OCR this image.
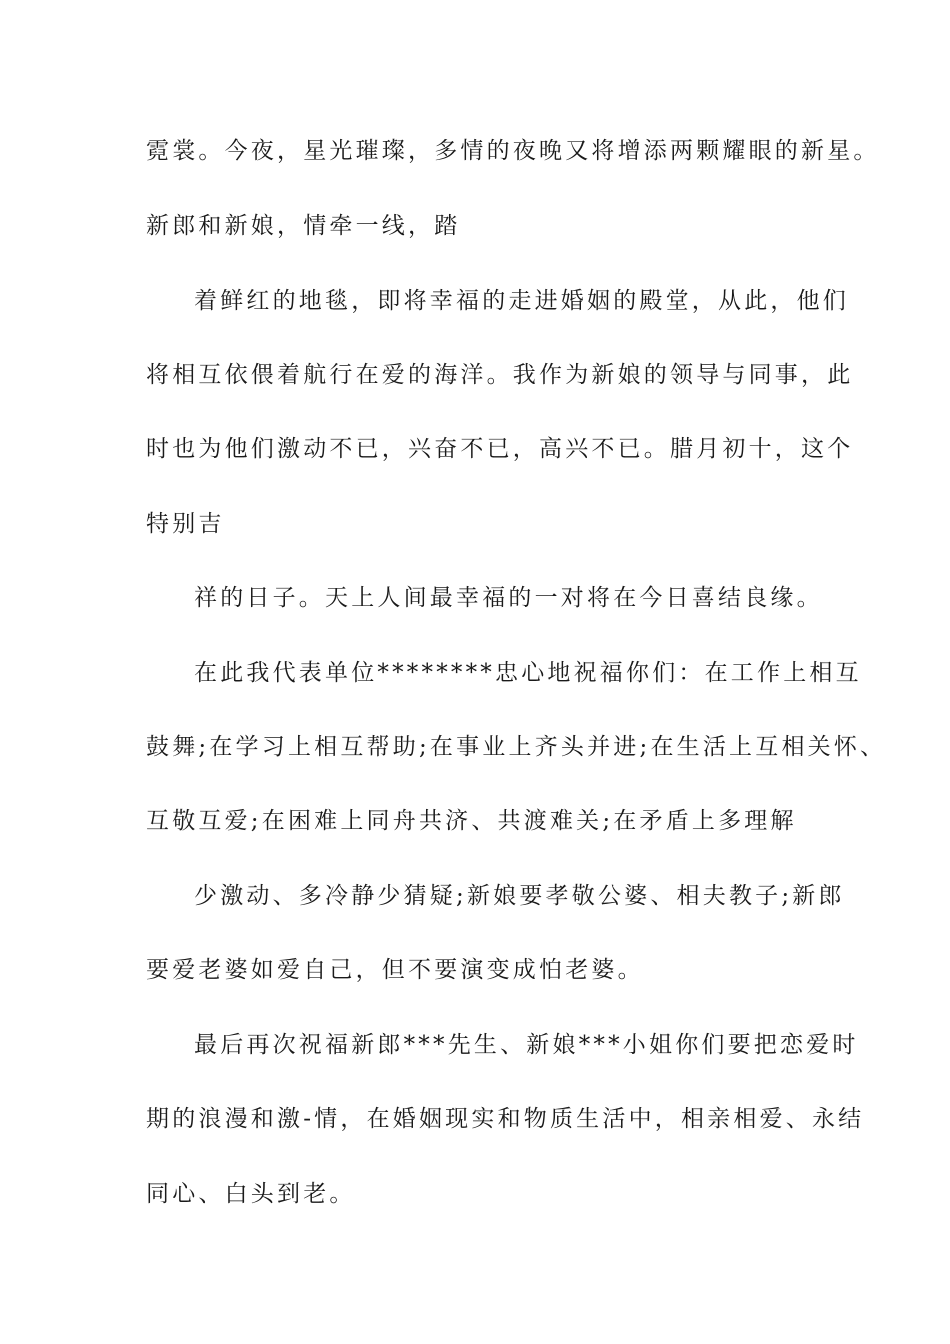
霓裳。今夜，星光璀璨，多情的夜晚又将增添两颗耀眼的新星。
新郎和新娘，情牵一线，踏
着鲜红的地毯，即将幸福的走进婚姻的殿堂，从此，他们
将相互依偎着航行在爱的海洋。我作为新娘的领导与同事，此
时也为他们激动不已，兴奋不已，高兴不已。腊月初十，这个
特别吉
祥的日子。天上人间最幸福的一对将在今日喜结良缘。
在此我代表单位********忠心地祝福你们：在工作上相互
鼓舞;在学习上相互帮助;在事业上齐头并进;在生活上互相关怀、
互敬互爱;在困难上同舟共济、共渡难关;在矛盾上多理解
少激动、多冷静少猜疑;新娘要孝敬公婆、相夫教子;新郎
要爱老婆如爱自己，但不要演变成怕老婆。
最后再次祝福新郎***先生、新娘***小姐你们要把恋爱时
期的浪漫和激-情，在婚姻现实和物质生活中，相亲相爱、永结
同心、白头到老。
